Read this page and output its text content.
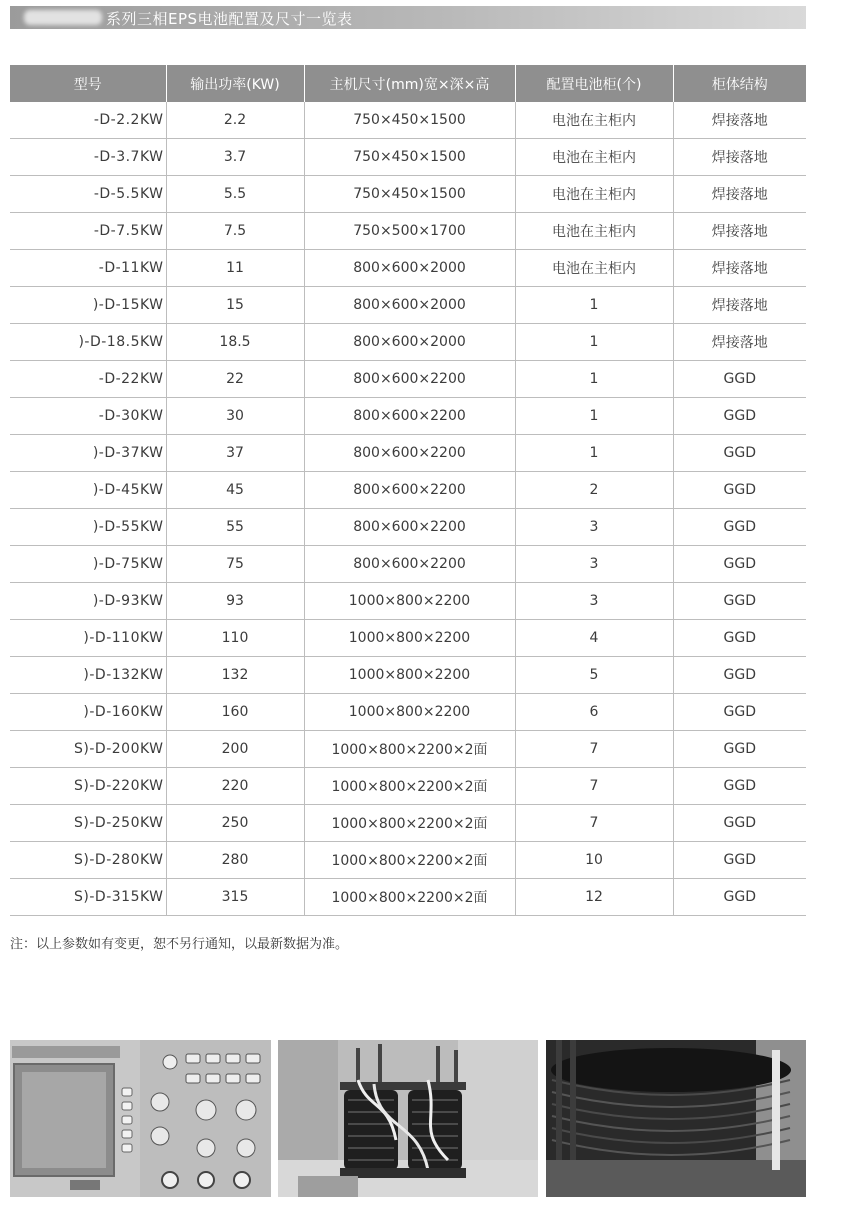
系列三相EPS电池配置及尺寸一览表
型号	输出功率(KW)	主机尺寸(mm)宽×深×高	配置电池柜(个)	柜体结构
-D-2.2KW	2.2	750×450×1500	电池在主柜内	焊接落地
-D-3.7KW	3.7	750×450×1500	电池在主柜内	焊接落地
-D-5.5KW	5.5	750×450×1500	电池在主柜内	焊接落地
-D-7.5KW	7.5	750×500×1700	电池在主柜内	焊接落地
-D-11KW	11	800×600×2000	电池在主柜内	焊接落地
)-D-15KW	15	800×600×2000	1	焊接落地
)-D-18.5KW	18.5	800×600×2000	1	焊接落地
-D-22KW	22	800×600×2200	1	GGD
-D-30KW	30	800×600×2200	1	GGD
)-D-37KW	37	800×600×2200	1	GGD
)-D-45KW	45	800×600×2200	2	GGD
)-D-55KW	55	800×600×2200	3	GGD
)-D-75KW	75	800×600×2200	3	GGD
)-D-93KW	93	1000×800×2200	3	GGD
)-D-110KW	110	1000×800×2200	4	GGD
)-D-132KW	132	1000×800×2200	5	GGD
)-D-160KW	160	1000×800×2200	6	GGD
S)-D-200KW	200	1000×800×2200×2面	7	GGD
S)-D-220KW	220	1000×800×2200×2面	7	GGD
S)-D-250KW	250	1000×800×2200×2面	7	GGD
S)-D-280KW	280	1000×800×2200×2面	10	GGD
S)-D-315KW	315	1000×800×2200×2面	12	GGD
注：以上参数如有变更，恕不另行通知，以最新数据为准。
